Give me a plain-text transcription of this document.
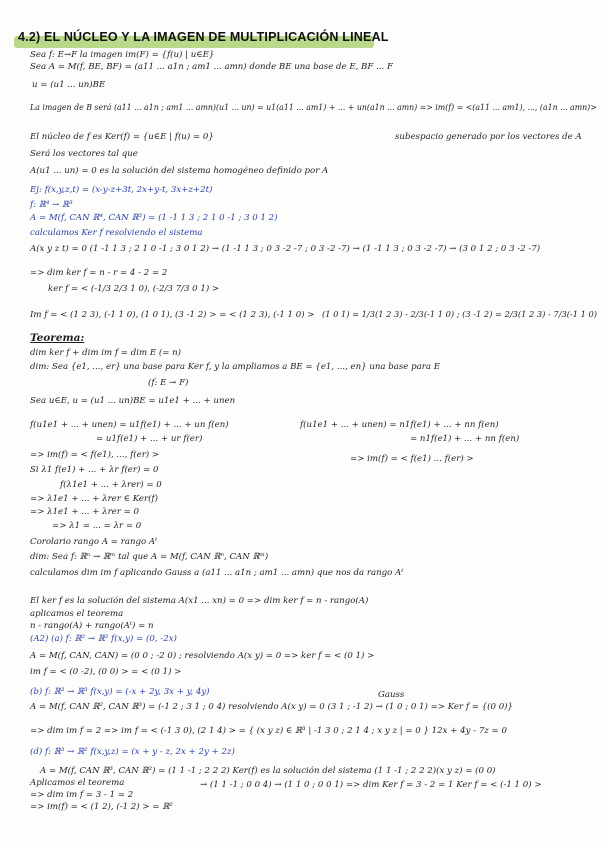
4.2) EL NÚCLEO Y LA IMAGEN DE MULTIPLICACIÓN LINEAL
Sea f: E→F la imagen im(F) = {f(u) | u∈E}
Sea A = M(f, BE, BF) = (a11 ... a1n ; am1 ... amn) donde BE una base de E, BF ... F
u = (u1 ... un)BE
La imagen de B será (a11 ... a1n ; am1 ... amn)(u1 ... un) = u1(a11 ... am1) + ... + un(a1n ... amn) => im(f) = <(a11 ... am1), ..., (a1n ... amn)>
El núcleo de f es Ker(f) = {u∈E | f(u) = 0}	subespacio generado por los vectores de A
Será los vectores tal que
A(u1 ... un) = 0 es la solución del sistema homogéneo definido por A
Ej: f(x,y,z,t) = (x-y-z+3t, 2x+y-t, 3x+z+2t)
f: ℝ⁴ → ℝ³
A = M(f, CAN ℝ⁴, CAN ℝ³) = (1 -1 1 3 ; 2 1 0 -1 ; 3 0 1 2)
calculamos Ker f resolviendo el sistema
A(x y z t) = 0 (1 -1 1 3 ; 2 1 0 -1 ; 3 0 1 2) → (1 -1 1 3 ; 0 3 -2 -7 ; 0 3 -2 -7) → (1 -1 1 3 ; 0 3 -2 -7) → (3 0 1 2 ; 0 3 -2 -7)
=> dim ker f = n - r = 4 - 2 = 2
ker f = < (-1/3 2/3 1 0), (-2/3 7/3 0 1) >
Im f = < (1 2 3), (-1 1 0), (1 0 1), (3 -1 2) > = < (1 2 3), (-1 1 0) > (1 0 1) = 1/3(1 2 3) - 2/3(-1 1 0) ; (3 -1 2) = 2/3(1 2 3) - 7/3(-1 1 0)
Teorema:
dim ker f + dim im f = dim E (= n)
dim: Sea {e1, ..., er} una base para Ker f, y la ampliamos a BE = {e1, ..., en} una base para E
(f: E → F)
Sea u∈E, u = (u1 ... un)BE = u1e1 + ... + unen
f(u1e1 + ... + unen) = u1f(e1) + ... + un f(en)
= u1f(e1) + ... + ur f(er)
f(u1e1 + ... + unen) = n1f(e1) + ... + nn f(en)
= n1f(e1) + ... + nn f(en)
=> im(f) = < f(e1), ..., f(er) >	=> im(f) = < f(e1) ... f(er) >
Si λ1 f(e1) + ... + λr f(er) = 0
f(λ1e1 + ... + λrer) = 0
=> λ1e1 + ... + λrer ∈ Ker(f)
=> λ1e1 + ... + λrer = 0
=> λ1 = ... = λr = 0
Corolario rango A = rango Aᵗ
dim: Sea f: ℝⁿ → ℝᵐ tal que A = M(f, CAN ℝⁿ, CAN ℝᵐ)
calculamos dim im f aplicando Gauss a (a11 ... a1n ; am1 ... amn) que nos da rango Aᵗ
El ker f es la solución del sistema A(x1 ... xn) = 0 => dim ker f = n - rango(A)
aplicamos el teorema
n - rango(A) + rango(Aᵗ) = n
(A2) (a) f: ℝ² → ℝ² f(x,y) = (0, -2x)
A = M(f, CAN, CAN) = (0 0 ; -2 0) ; resolviendo A(x y) = 0 => ker f = < (0 1) >
im f = < (0 -2), (0 0) > = < (0 1) >
(b) f: ℝ³ → ℝ³ f(x,y) = (-x + 2y, 3x + y, 4y)
A = M(f, CAN ℝ², CAN ℝ³) = (-1 2 ; 3 1 ; 0 4) resolviendo A(x y) = 0 (3 1 ; -1 2) → (1 0 ; 0 1) => Ker f = {(0 0)}
Gauss
=> dim im f = 2 => im f = < (-1 3 0), (2 1 4) > = { (x y z) ∈ ℝ³ | -1 3 0 ; 2 1 4 ; x y z | = 0 } 12x + 4y - 7z = 0
(d) f: ℝ³ → ℝ² f(x,y,z) = (x + y - z, 2x + 2y + 2z)
A = M(f, CAN ℝ³, CAN ℝ²) = (1 1 -1 ; 2 2 2) Ker(f) es la solución del sistema (1 1 -1 ; 2 2 2)(x y z) = (0 0)
→ (1 1 -1 ; 0 0 4) → (1 1 0 ; 0 0 1) => dim Ker f = 3 - 2 = 1 Ker f = < (-1 1 0) >
Aplicamos el teorema
=> dim im f = 3 - 1 = 2
=> im(f) = < (1 2), (-1 2) > = ℝ²
